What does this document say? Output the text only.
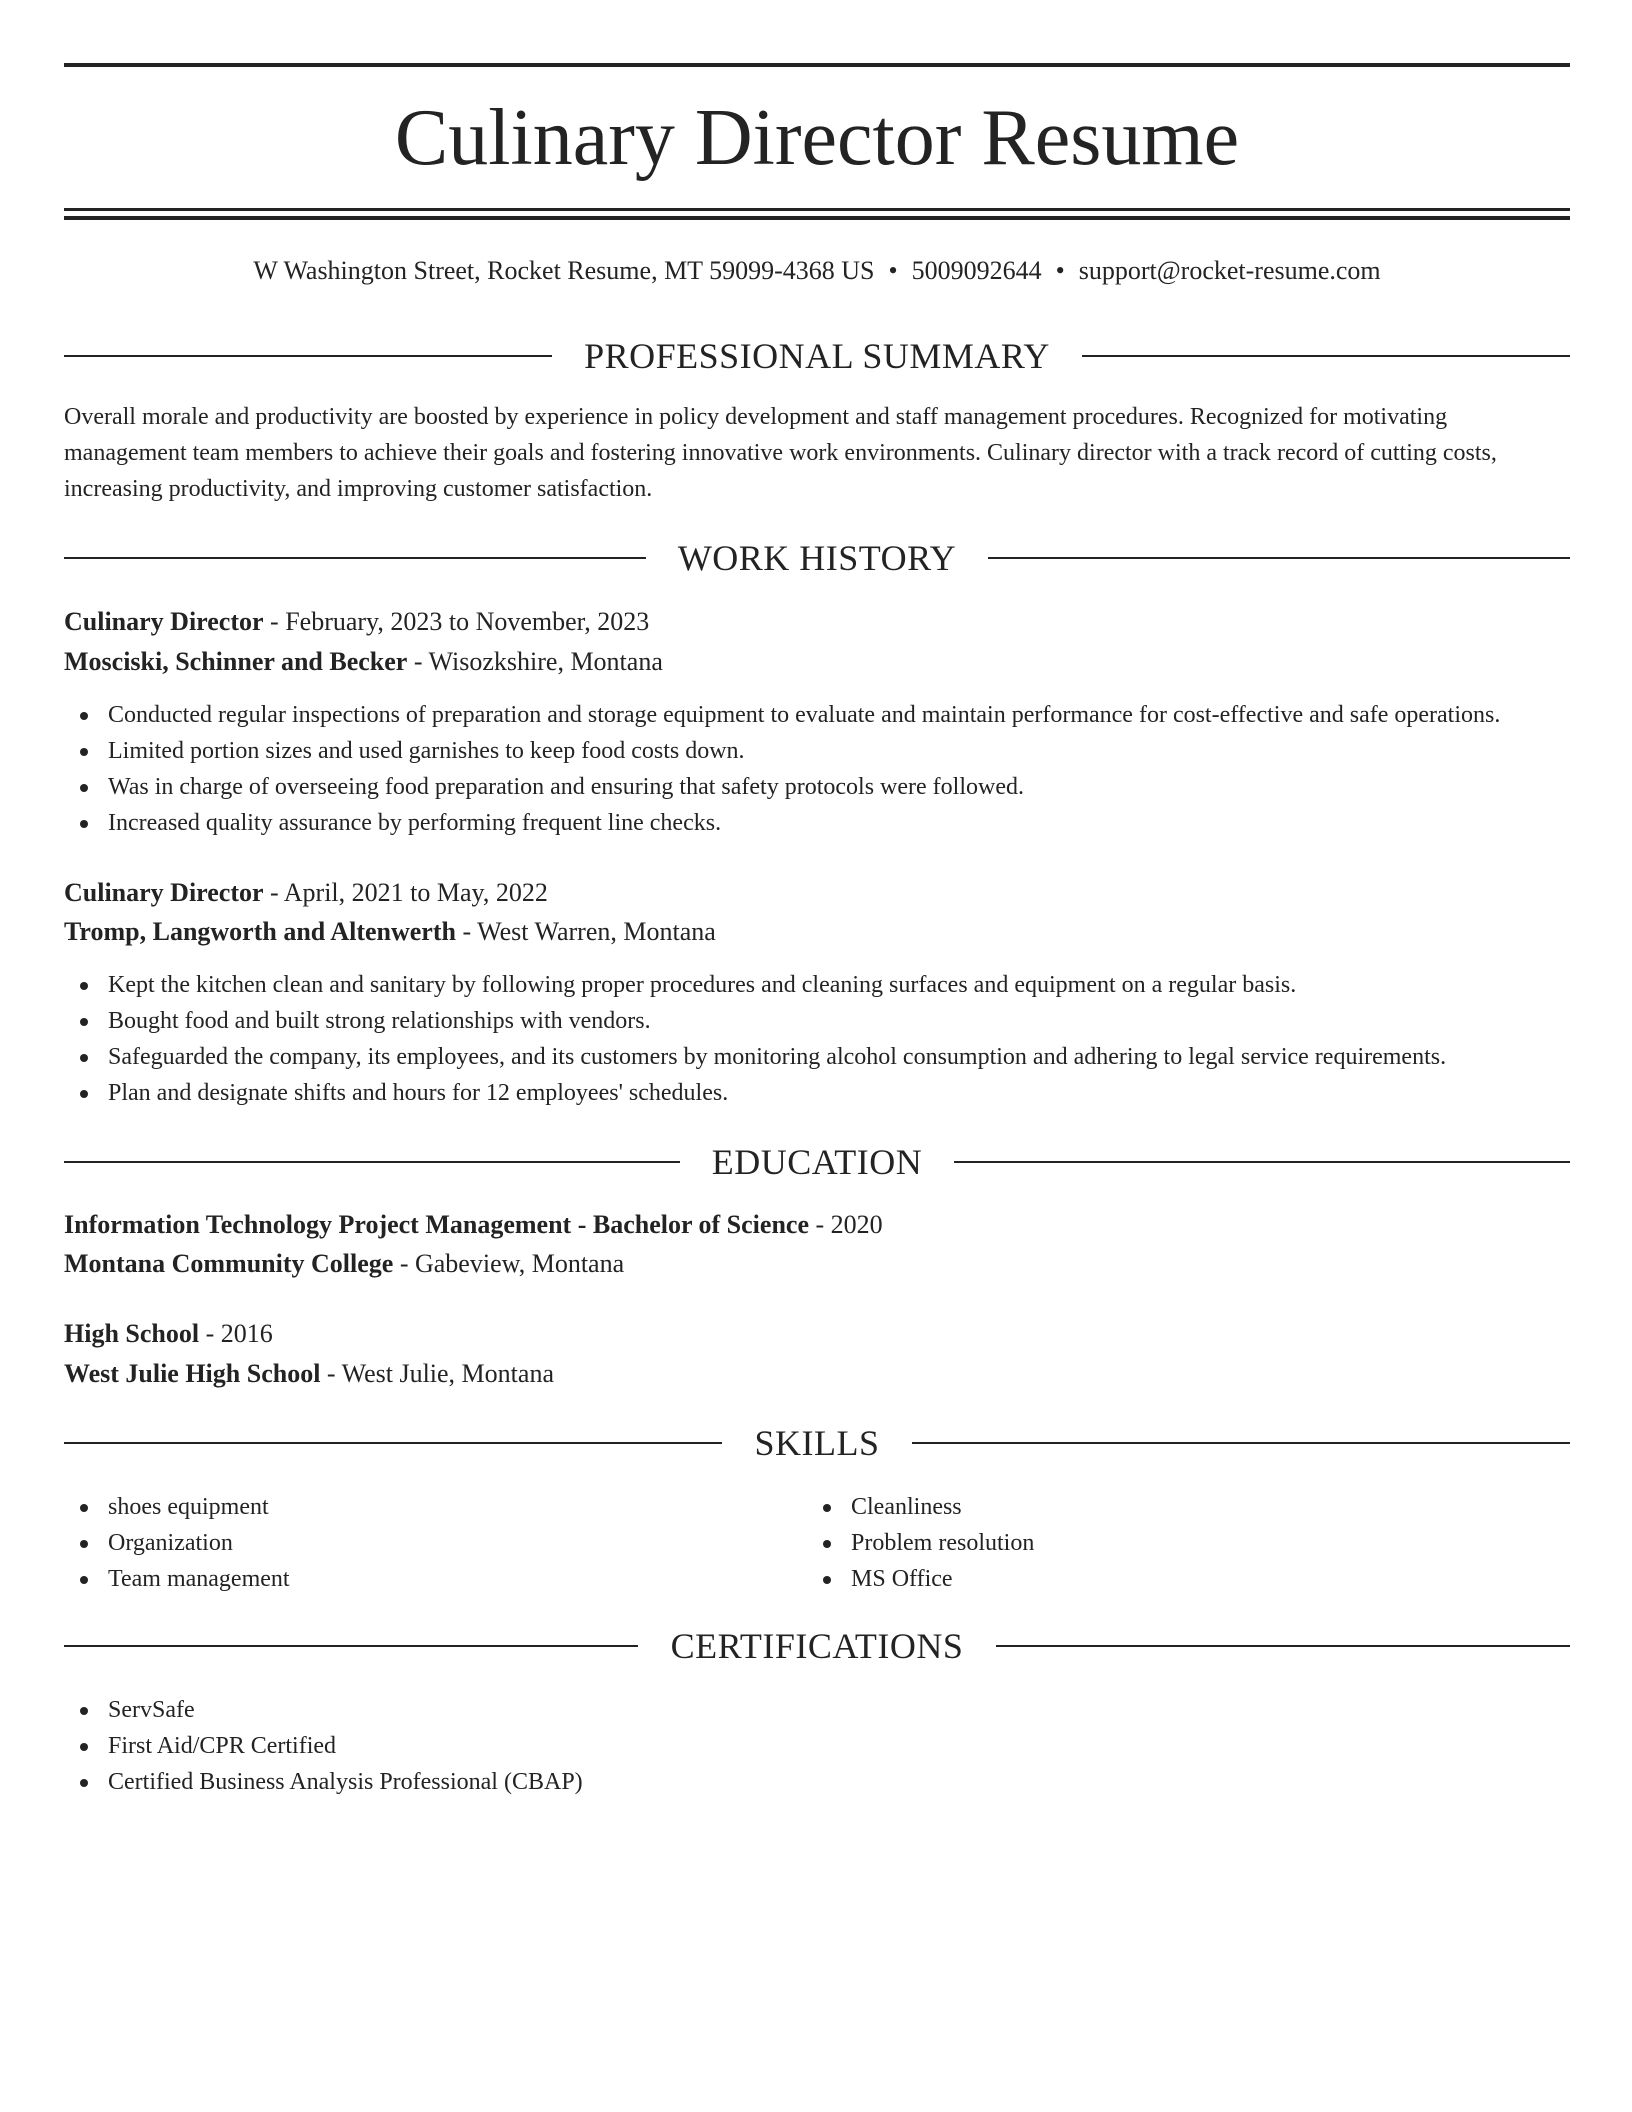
Culinary Director Resume
W Washington Street, Rocket Resume, MT 59099-4368 US • 5009092644 • support@rocket-resume.com
PROFESSIONAL SUMMARY
Overall morale and productivity are boosted by experience in policy development and staff management procedures. Recognized for motivating management team members to achieve their goals and fostering innovative work environments. Culinary director with a track record of cutting costs, increasing productivity, and improving customer satisfaction.
WORK HISTORY
Culinary Director - February, 2023 to November, 2023
Mosciski, Schinner and Becker - Wisozkshire, Montana
Conducted regular inspections of preparation and storage equipment to evaluate and maintain performance for cost-effective and safe operations.
Limited portion sizes and used garnishes to keep food costs down.
Was in charge of overseeing food preparation and ensuring that safety protocols were followed.
Increased quality assurance by performing frequent line checks.
Culinary Director - April, 2021 to May, 2022
Tromp, Langworth and Altenwerth - West Warren, Montana
Kept the kitchen clean and sanitary by following proper procedures and cleaning surfaces and equipment on a regular basis.
Bought food and built strong relationships with vendors.
Safeguarded the company, its employees, and its customers by monitoring alcohol consumption and adhering to legal service requirements.
Plan and designate shifts and hours for 12 employees' schedules.
EDUCATION
Information Technology Project Management - Bachelor of Science - 2020
Montana Community College - Gabeview, Montana
High School - 2016
West Julie High School - West Julie, Montana
SKILLS
shoes equipment
Organization
Team management
Cleanliness
Problem resolution
MS Office
CERTIFICATIONS
ServSafe
First Aid/CPR Certified
Certified Business Analysis Professional (CBAP)
